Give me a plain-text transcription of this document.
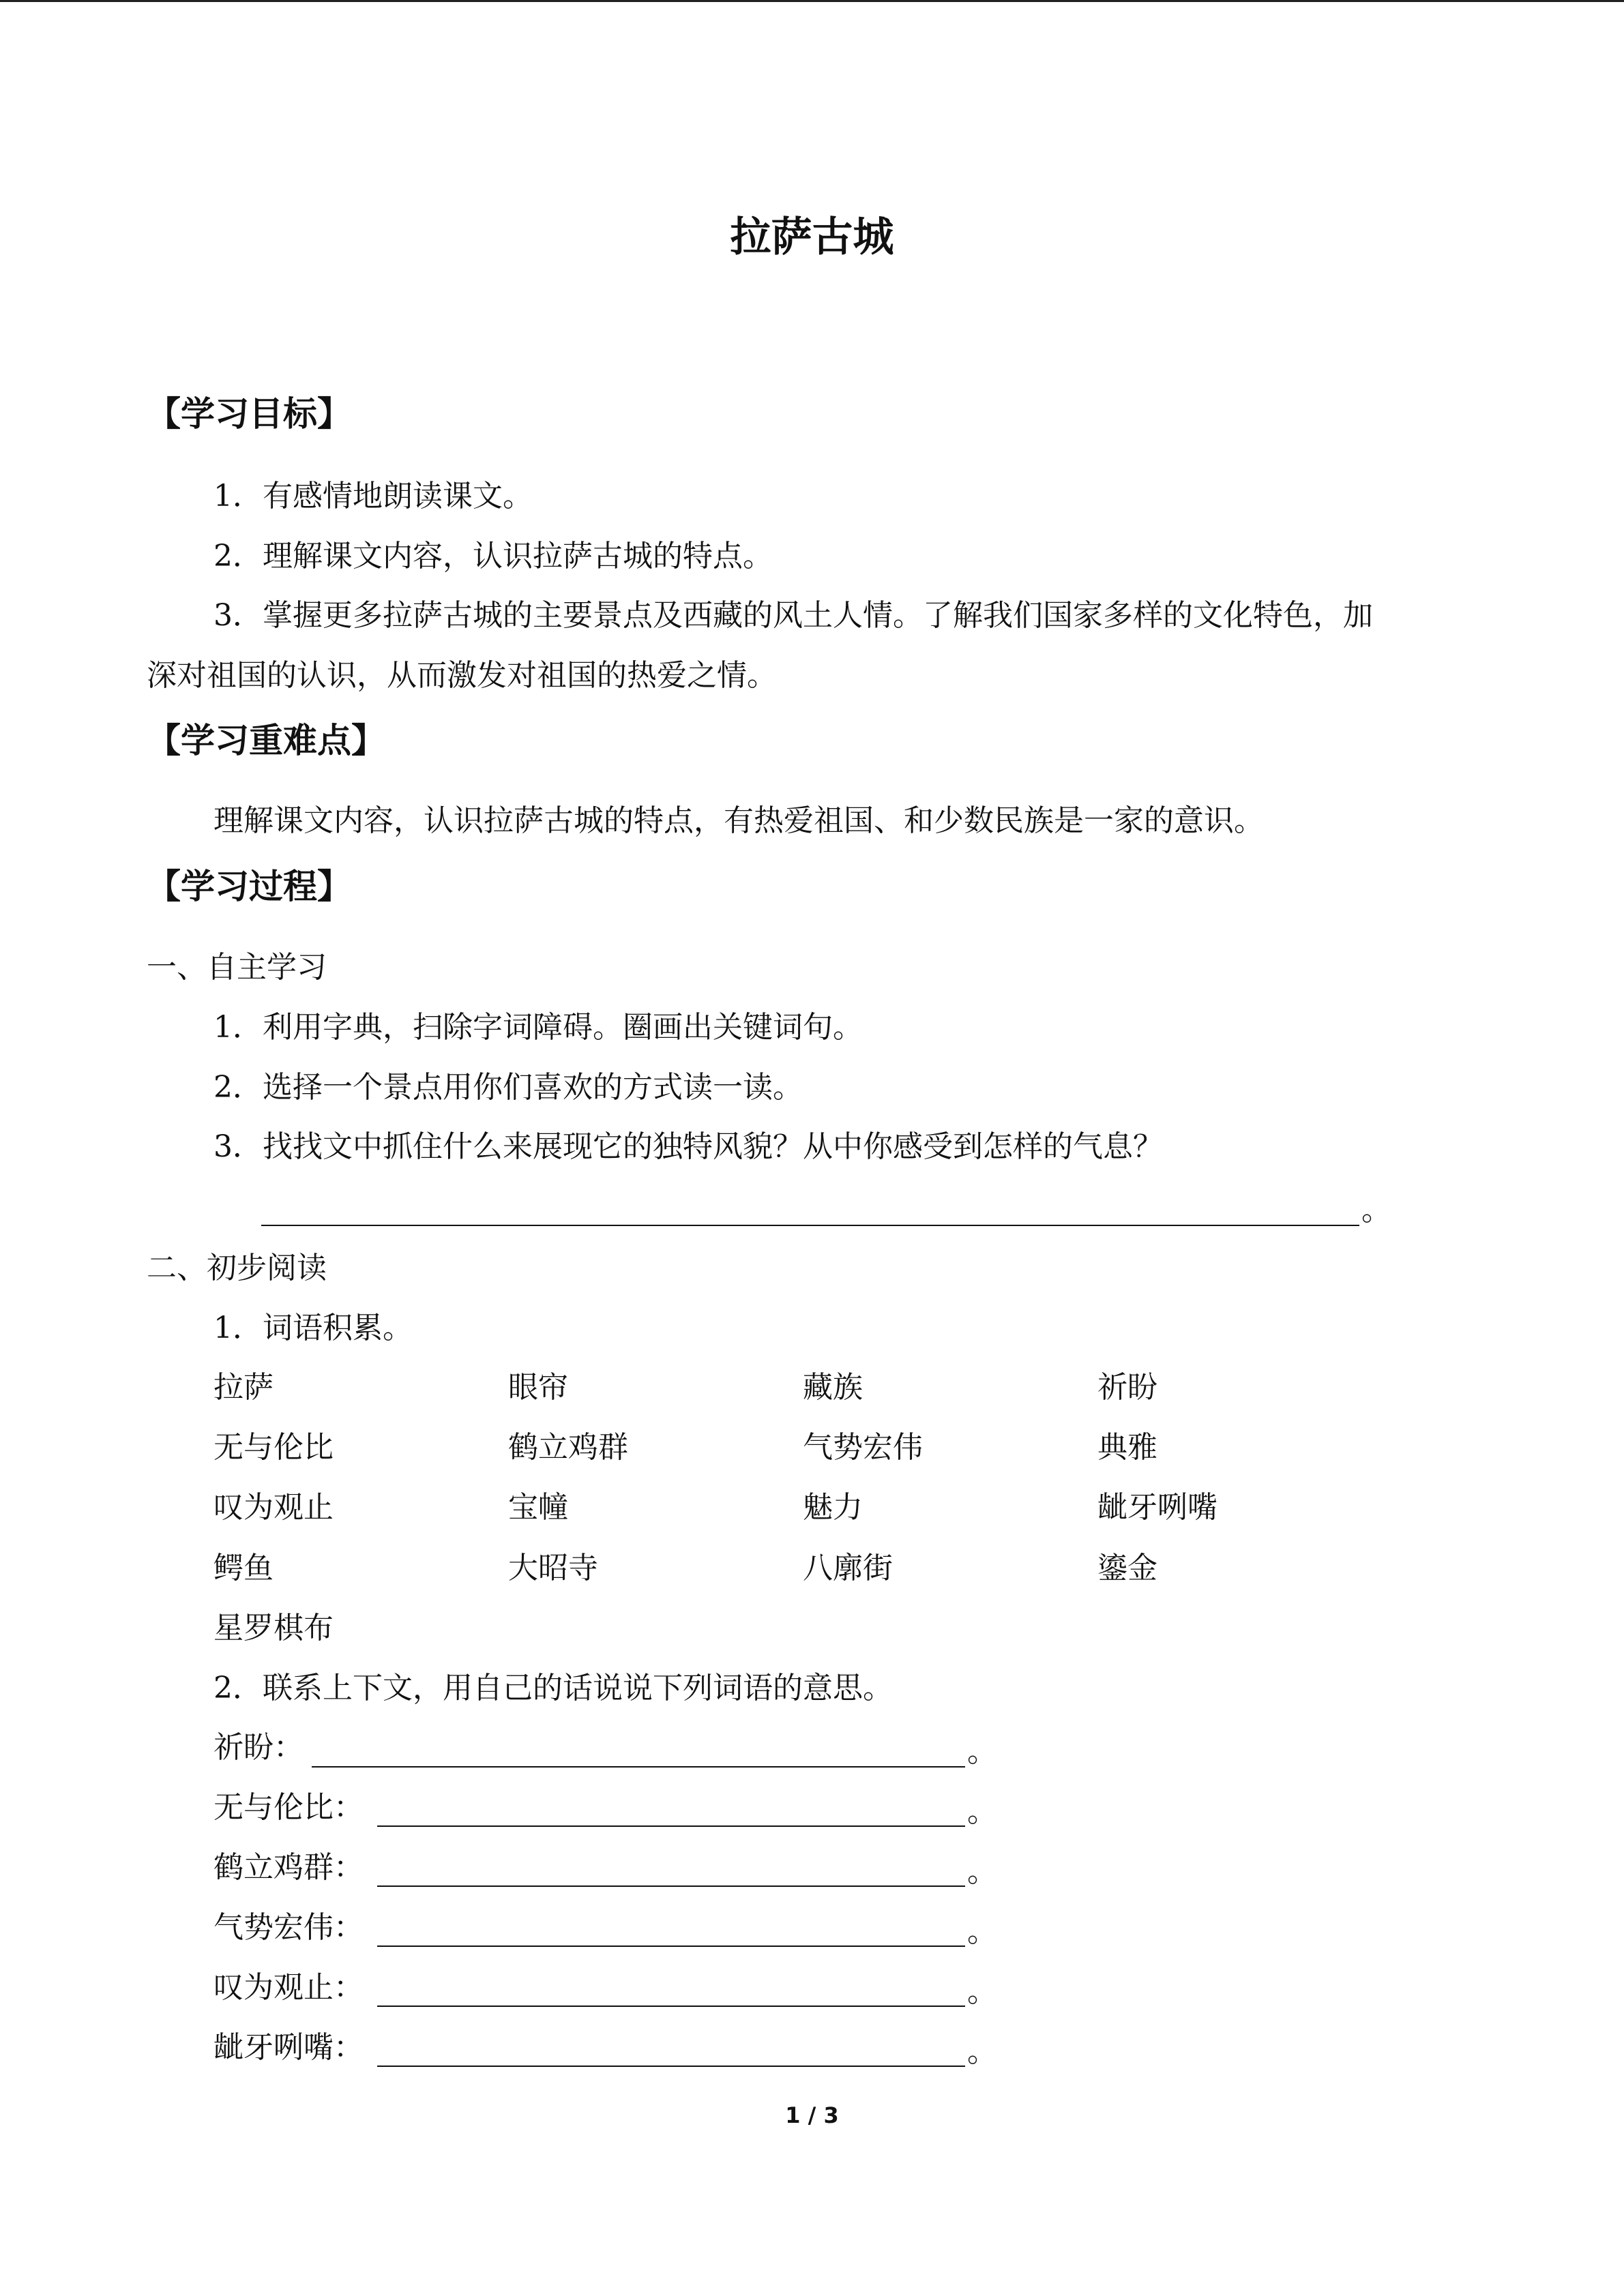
拉萨古城
【学习目标】
1．有感情地朗读课文。
2．理解课文内容，认识拉萨古城的特点。
3．掌握更多拉萨古城的主要景点及西藏的风土人情。了解我们国家多样的文化特色，加
深对祖国的认识，从而激发对祖国的热爱之情。
【学习重难点】
理解课文内容，认识拉萨古城的特点，有热爱祖国、和少数民族是一家的意识。
【学习过程】
一、自主学习
1．利用字典，扫除字词障碍。圈画出关键词句。
2．选择一个景点用你们喜欢的方式读一读。
3．找找文中抓住什么来展现它的独特风貌？从中你感受到怎样的气息？
。
二、初步阅读
1．词语积累。
拉萨	眼帘	藏族	祈盼
无与伦比	鹤立鸡群	气势宏伟	典雅
叹为观止	宝幢	魅力	龇牙咧嘴
鳄鱼	大昭寺	八廓街	鎏金
星罗棋布
2．联系上下文，用自己的话说说下列词语的意思。
祈盼：	。
无与伦比：	。
鹤立鸡群：	。
气势宏伟：	。
叹为观止：	。
龇牙咧嘴：	。
1 / 3
